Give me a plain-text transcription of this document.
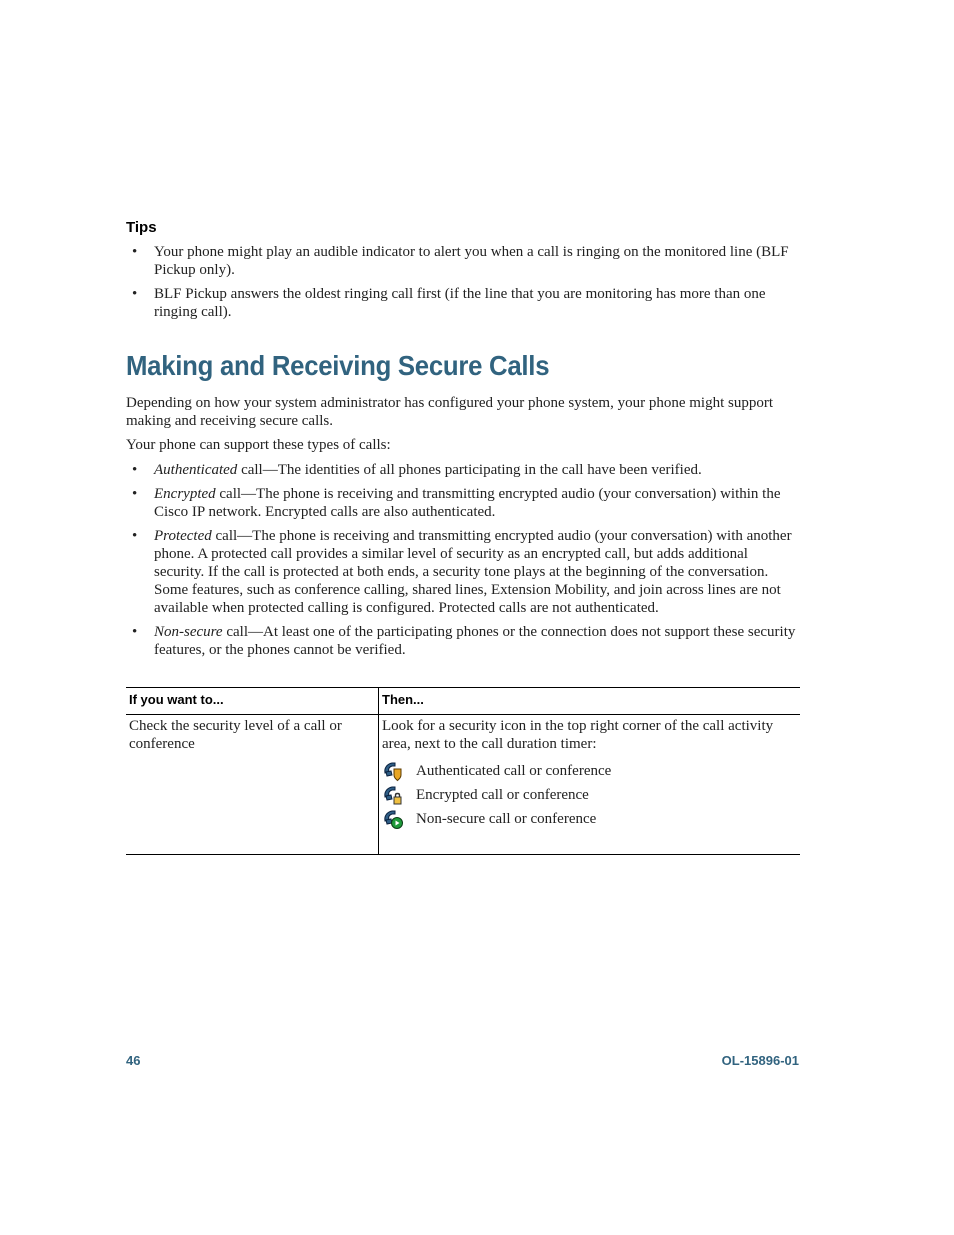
Tips
• Your phone might play an audible indicator to alert you when a call is ringing on the monitored line (BLF Pickup only).
• BLF Pickup answers the oldest ringing call first (if the line that you are monitoring has more than one ringing call).
Making and Receiving Secure Calls

Depending on how your system administrator has configured your phone system, your phone might support making and receiving secure calls.

Your phone can support these types of calls:

• Authenticated call—The identities of all phones participating in the call have been verified.
• Encrypted call—The phone is receiving and transmitting encrypted audio (your conversation) within the Cisco IP network. Encrypted calls are also authenticated.
• Protected call—The phone is receiving and transmitting encrypted audio (your conversation) with another phone. A protected call provides a similar level of security as an encrypted call, but adds additional security. If the call is protected at both ends, a security tone plays at the beginning of the conversation. Some features, such as conference calling, shared lines, Extension Mobility, and join across lines are not available when protected calling is configured. Protected calls are not authenticated.
• Non-secure call—At least one of the participating phones or the connection does not support these security features, or the phones cannot be verified.
If you want to...	Then...
Check the security level of a call or conference
Look for a security icon in the top right corner of the call activity area, next to the call duration timer:
Authenticated call or conference
Encrypted call or conference
Non-secure call or conference
46	OL-15896-01
